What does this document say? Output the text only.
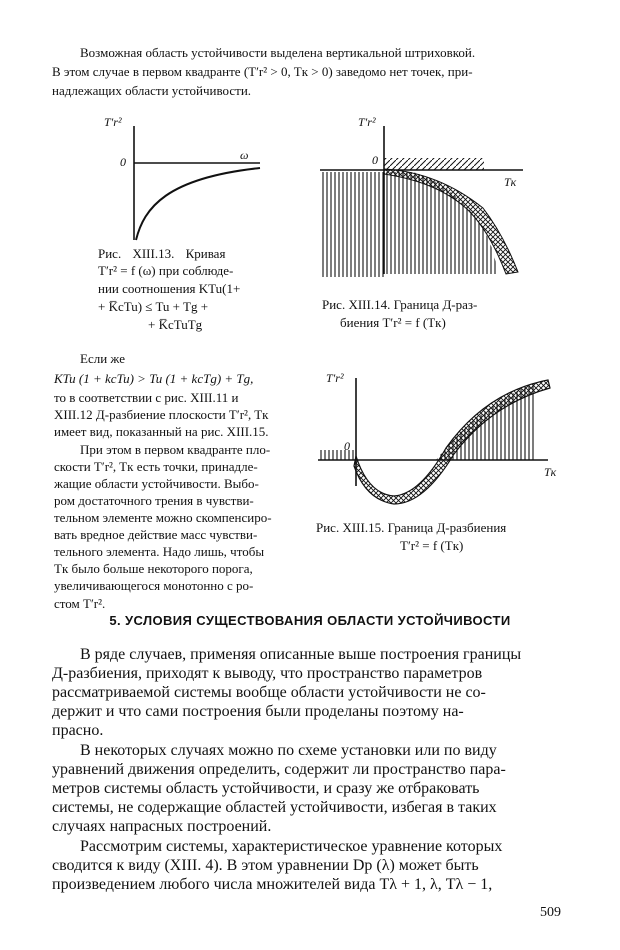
Возможная область устойчивости выделена вертикальной штриховкой.
В этом случае в первом квадранте (T′r² > 0, Tк > 0) заведомо нет точек, при-
надлежащих области устойчивости.
T′r²
0	ω
Рис. XIII.13. Кривая
T′r² = f (ω) при соблюде-
нии соотношения KTu(1+
+ K̅cTu) ≤ Tu + Tg +
+ K̅cTuTg
T′r²
0
Tк
Рис. XIII.14. Граница Д-раз-
биения T′r² = f (Tк)
Если же
KTu (1 + kcTu) > Tu (1 + kcTg) + Tg,
то в соответствии с рис. XIII.11 и
XIII.12 Д-разбиение плоскости T′r², Tк
имеет вид, показанный на рис. XIII.15.
При этом в первом квадранте пло-
скости T′r², Tк есть точки, принадле-
жащие области устойчивости. Выбо-
ром достаточного трения в чувстви-
тельном элементе можно скомпенсиро-
вать вредное действие масс чувстви-
тельного элемента. Надо лишь, чтобы
Tк было больше некоторого порога,
увеличивающегося монотонно с ро-
стом T′r².
T′r²
0
Tк
Рис. XIII.15. Граница Д-разбиения
T′r² = f (Tк)
5. УСЛОВИЯ СУЩЕСТВОВАНИЯ ОБЛАСТИ УСТОЙЧИВОСТИ
В ряде случаев, применяя описанные выше построения границы
Д-разбиения, приходят к выводу, что пространство параметров
рассматриваемой системы вообще области устойчивости не со-
держит и что сами построения были проделаны поэтому на-
прасно.
В некоторых случаях можно по схеме установки или по виду
уравнений движения определить, содержит ли пространство пара-
метров системы область устойчивости, и сразу же отбраковать
системы, не содержащие областей устойчивости, избегая в таких
случаях напрасных построений.
Рассмотрим системы, характеристическое уравнение которых
сводится к виду (XIII. 4). В этом уравнении Dp (λ) может быть
произведением любого числа множителей вида Tλ + 1, λ, Tλ − 1,
509
